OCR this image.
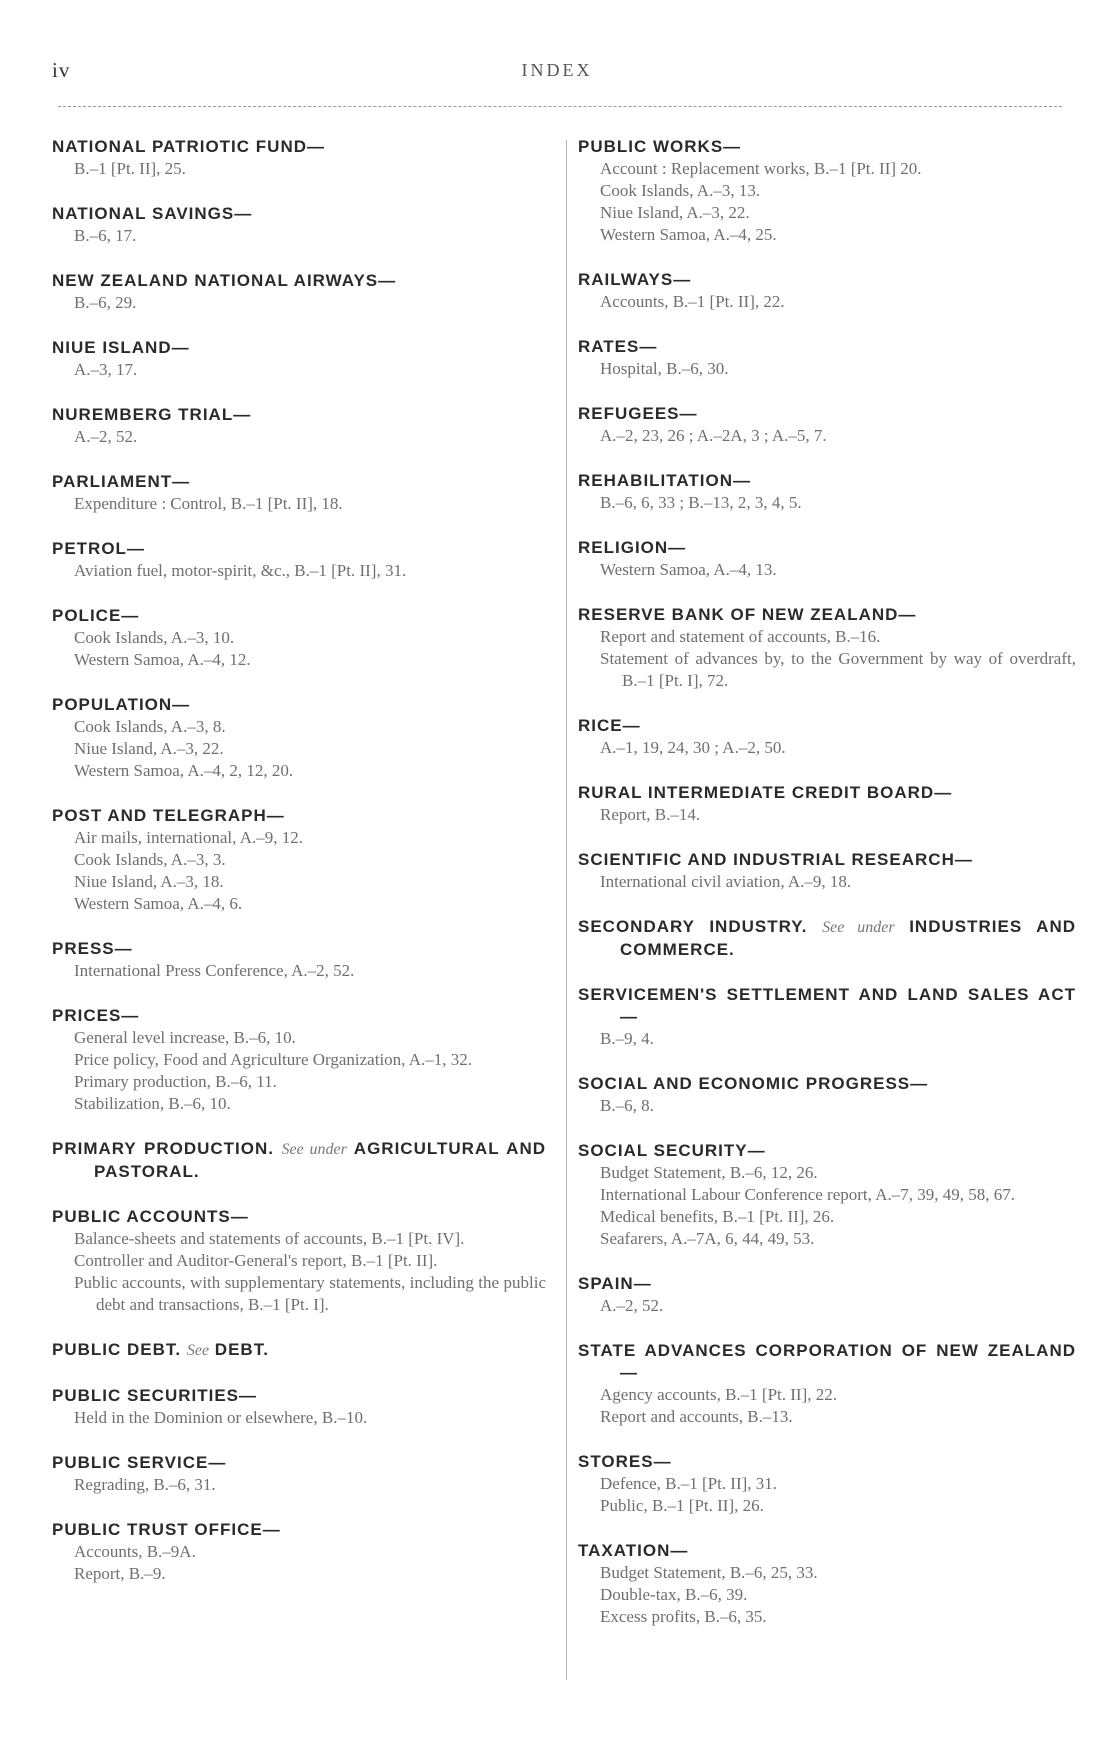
iv	INDEX
NATIONAL PATRIOTIC FUND—
B.–1 [Pt. II], 25.
NATIONAL SAVINGS—
B.–6, 17.
NEW ZEALAND NATIONAL AIRWAYS—
B.–6, 29.
NIUE ISLAND—
A.–3, 17.
NUREMBERG TRIAL—
A.–2, 52.
PARLIAMENT—
Expenditure : Control, B.–1 [Pt. II], 18.
PETROL—
Aviation fuel, motor-spirit, &c., B.–1 [Pt. II], 31.
POLICE—
Cook Islands, A.–3, 10.
Western Samoa, A.–4, 12.
POPULATION—
Cook Islands, A.–3, 8.
Niue Island, A.–3, 22.
Western Samoa, A.–4, 2, 12, 20.
POST AND TELEGRAPH—
Air mails, international, A.–9, 12.
Cook Islands, A.–3, 3.
Niue Island, A.–3, 18.
Western Samoa, A.–4, 6.
PRESS—
International Press Conference, A.–2, 52.
PRICES—
General level increase, B.–6, 10.
Price policy, Food and Agriculture Organization, A.–1, 32.
Primary production, B.–6, 11.
Stabilization, B.–6, 10.
PRIMARY PRODUCTION. See under AGRICULTURAL AND PASTORAL.
PUBLIC ACCOUNTS—
Balance-sheets and statements of accounts, B.–1 [Pt. IV].
Controller and Auditor-General's report, B.–1 [Pt. II].
Public accounts, with supplementary statements, including the public debt and transactions, B.–1 [Pt. I].
PUBLIC DEBT. See DEBT.
PUBLIC SECURITIES—
Held in the Dominion or elsewhere, B.–10.
PUBLIC SERVICE—
Regrading, B.–6, 31.
PUBLIC TRUST OFFICE—
Accounts, B.–9A.
Report, B.–9.
PUBLIC WORKS—
Account : Replacement works, B.–1 [Pt. II] 20.
Cook Islands, A.–3, 13.
Niue Island, A.–3, 22.
Western Samoa, A.–4, 25.
RAILWAYS—
Accounts, B.–1 [Pt. II], 22.
RATES—
Hospital, B.–6, 30.
REFUGEES—
A.–2, 23, 26 ; A.–2A, 3 ; A.–5, 7.
REHABILITATION—
B.–6, 6, 33 ; B.–13, 2, 3, 4, 5.
RELIGION—
Western Samoa, A.–4, 13.
RESERVE BANK OF NEW ZEALAND—
Report and statement of accounts, B.–16.
Statement of advances by, to the Government by way of overdraft, B.–1 [Pt. I], 72.
RICE—
A.–1, 19, 24, 30 ; A.–2, 50.
RURAL INTERMEDIATE CREDIT BOARD—
Report, B.–14.
SCIENTIFIC AND INDUSTRIAL RESEARCH—
International civil aviation, A.–9, 18.
SECONDARY INDUSTRY. See under INDUSTRIES AND COMMERCE.
SERVICEMEN'S SETTLEMENT AND LAND SALES ACT—
B.–9, 4.
SOCIAL AND ECONOMIC PROGRESS—
B.–6, 8.
SOCIAL SECURITY—
Budget Statement, B.–6, 12, 26.
International Labour Conference report, A.–7, 39, 49, 58, 67.
Medical benefits, B.–1 [Pt. II], 26.
Seafarers, A.–7A, 6, 44, 49, 53.
SPAIN—
A.–2, 52.
STATE ADVANCES CORPORATION OF NEW ZEALAND—
Agency accounts, B.–1 [Pt. II], 22.
Report and accounts, B.–13.
STORES—
Defence, B.–1 [Pt. II], 31.
Public, B.–1 [Pt. II], 26.
TAXATION—
Budget Statement, B.–6, 25, 33.
Double-tax, B.–6, 39.
Excess profits, B.–6, 35.
